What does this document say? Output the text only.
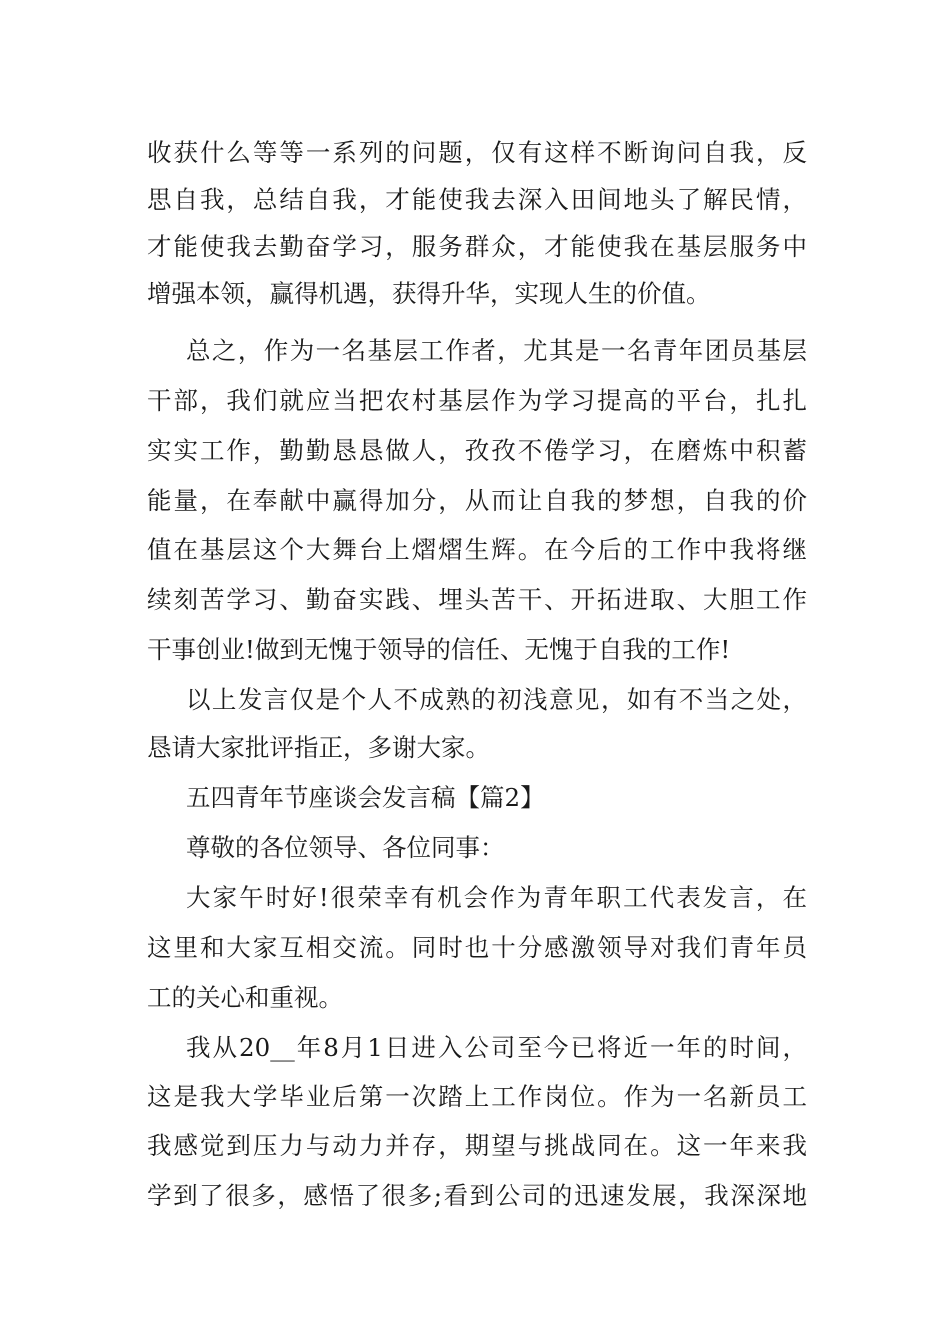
收获什么等等一系列的问题，仅有这样不断询问自我，反
思自我，总结自我，才能使我去深入田间地头了解民情，
才能使我去勤奋学习，服务群众，才能使我在基层服务中
增强本领，赢得机遇，获得升华，实现人生的价值。
总之，作为一名基层工作者，尤其是一名青年团员基层
干部，我们就应当把农村基层作为学习提高的平台，扎扎
实实工作，勤勤恳恳做人，孜孜不倦学习，在磨炼中积蓄
能量，在奉献中赢得加分，从而让自我的梦想，自我的价
值在基层这个大舞台上熠熠生辉。在今后的工作中我将继
续刻苦学习、勤奋实践、埋头苦干、开拓进取、大胆工作
干事创业!做到无愧于领导的信任、无愧于自我的工作!
以上发言仅是个人不成熟的初浅意见，如有不当之处，
恳请大家批评指正，多谢大家。
五四青年节座谈会发言稿【篇2】
尊敬的各位领导、各位同事：
大家午时好!很荣幸有机会作为青年职工代表发言，在
这里和大家互相交流。同时也十分感激领导对我们青年员
工的关心和重视。
我从20__年8月1日进入公司至今已将近一年的时间，
这是我大学毕业后第一次踏上工作岗位。作为一名新员工
我感觉到压力与动力并存，期望与挑战同在。这一年来我
学到了很多，感悟了很多;看到公司的迅速发展，我深深地
